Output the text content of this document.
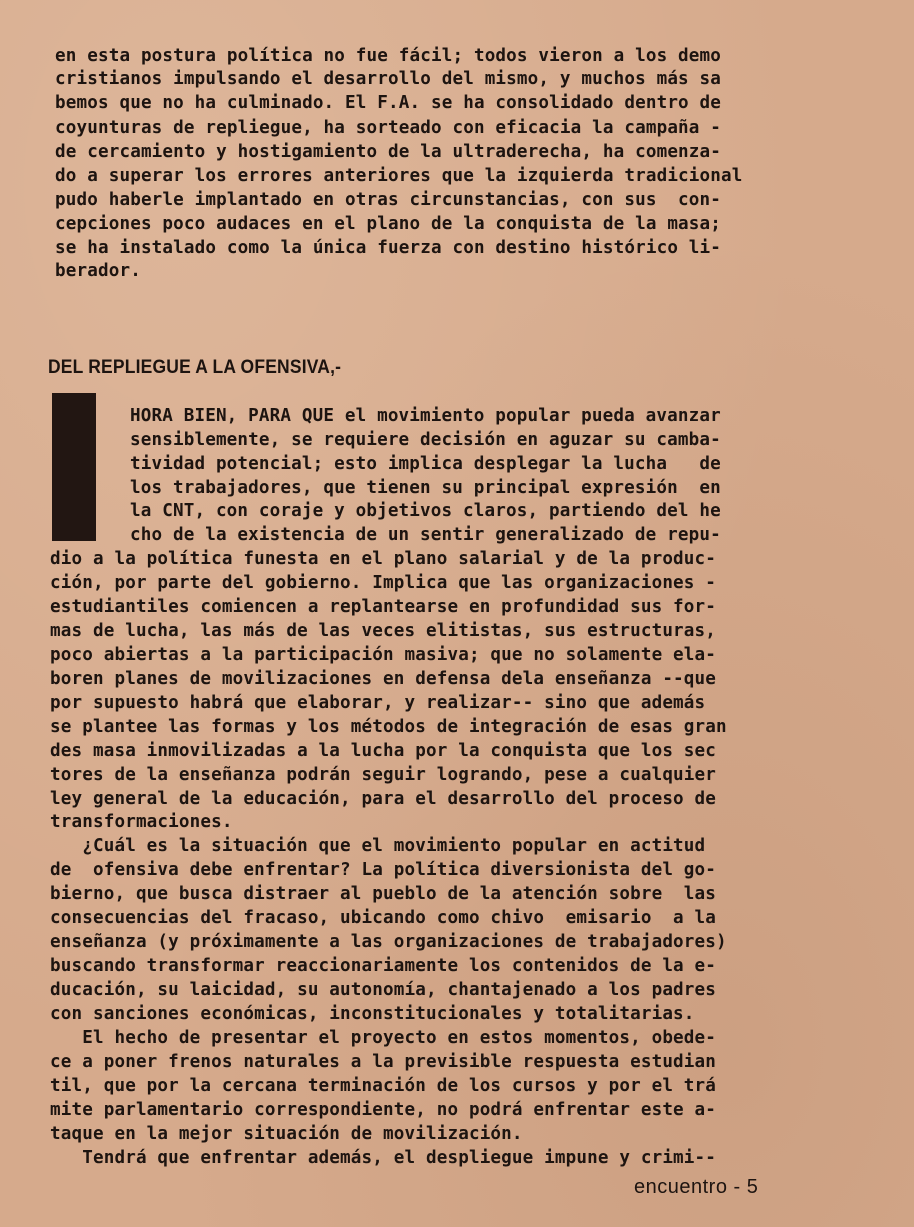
en esta postura política no fue fácil; todos vieron a los demo
cristianos impulsando el desarrollo del mismo, y muchos más sa
bemos que no ha culminado. El F.A. se ha consolidado dentro de
coyunturas de repliegue, ha sorteado con eficacia la campaña -
de cercamiento y hostigamiento de la ultraderecha, ha comenza-
do a superar los errores anteriores que la izquierda tradicional
pudo haberle implantado en otras circunstancias, con sus  con-
cepciones poco audaces en el plano de la conquista de la masa;
se ha instalado como la única fuerza con destino histórico li-
berador.
DEL REPLIEGUE A LA OFENSIVA,-
HORA BIEN, PARA QUE el movimiento popular pueda avanzar
sensiblemente, se requiere decisión en aguzar su camba-
tividad potencial; esto implica desplegar la lucha   de
los trabajadores, que tienen su principal expresión  en
la CNT, con coraje y objetivos claros, partiendo del he
cho de la existencia de un sentir generalizado de repu-
dio a la política funesta en el plano salarial y de la produc-
ción, por parte del gobierno. Implica que las organizaciones -
estudiantiles comiencen a replantearse en profundidad sus for-
mas de lucha, las más de las veces elitistas, sus estructuras,
poco abiertas a la participación masiva; que no solamente ela-
boren planes de movilizaciones en defensa dela enseñanza --que
por supuesto habrá que elaborar, y realizar-- sino que además
se plantee las formas y los métodos de integración de esas gran
des masa inmovilizadas a la lucha por la conquista que los sec
tores de la enseñanza podrán seguir logrando, pese a cualquier
ley general de la educación, para el desarrollo del proceso de
transformaciones.
¿Cuál es la situación que el movimiento popular en actitud
de  ofensiva debe enfrentar? La política diversionista del go-
bierno, que busca distraer al pueblo de la atención sobre  las
consecuencias del fracaso, ubicando como chivo  emisario  a la
enseñanza (y próximamente a las organizaciones de trabajadores)
buscando transformar reaccionariamente los contenidos de la e-
ducación, su laicidad, su autonomía, chantajenado a los padres
con sanciones económicas, inconstitucionales y totalitarias.
El hecho de presentar el proyecto en estos momentos, obede-
ce a poner frenos naturales a la previsible respuesta estudian
til, que por la cercana terminación de los cursos y por el trá
mite parlamentario correspondiente, no podrá enfrentar este a-
taque en la mejor situación de movilización.
Tendrá que enfrentar además, el despliegue impune y crimi--
encuentro - 5
